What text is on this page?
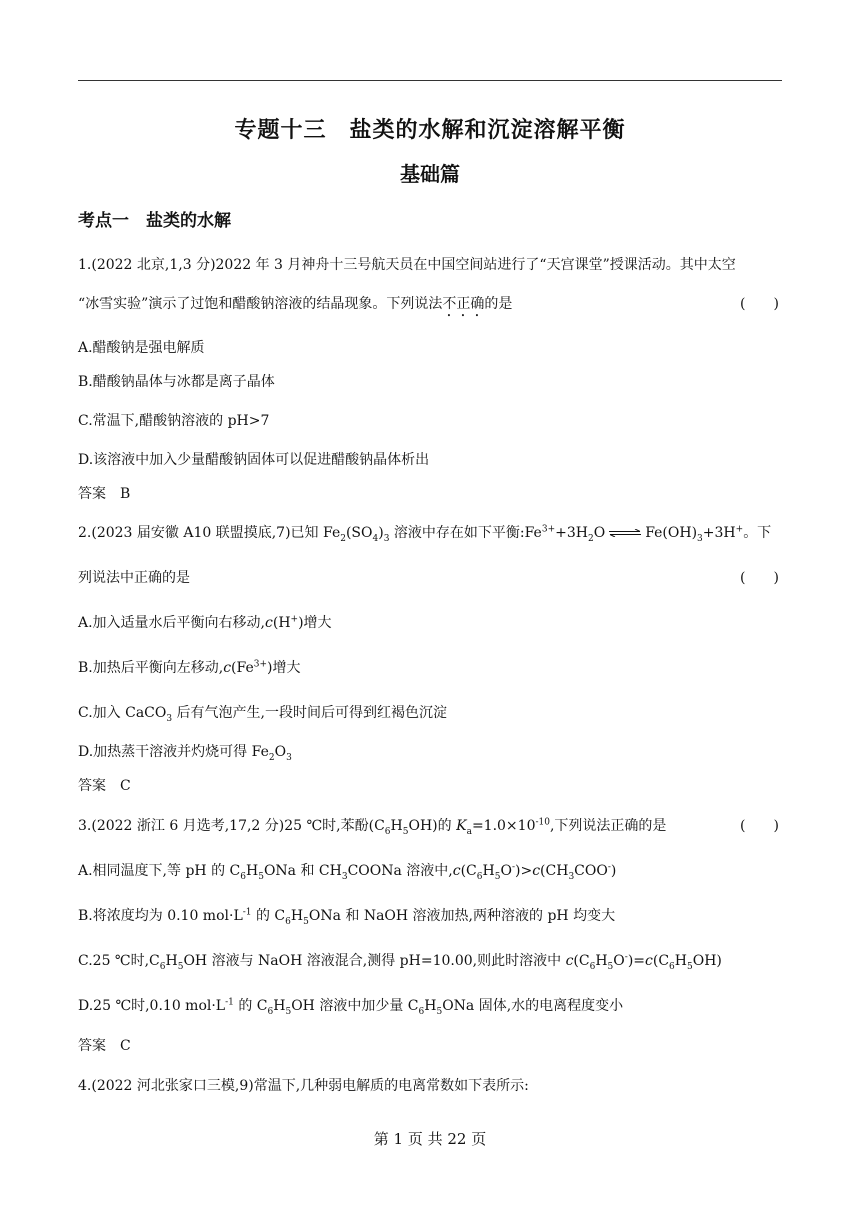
专题十三　盐类的水解和沉淀溶解平衡
基础篇
考点一　盐类的水解
1.(2022 北京,1,3 分)2022 年 3 月神舟十三号航天员在中国空间站进行了“天宫课堂”授课活动。其中太空
“冰雪实验”演示了过饱和醋酸钠溶液的结晶现象。下列说法不正确的是	(　　)
A.醋酸钠是强电解质
B.醋酸钠晶体与冰都是离子晶体
C.常温下,醋酸钠溶液的 pH>7
D.该溶液中加入少量醋酸钠固体可以促进醋酸钠晶体析出
答案　B
2.(2023 届安徽 A10 联盟摸底,7)已知 $Fe_2(SO_4)_3$ 溶液中存在如下平衡$:Fe^{3+}+3H_2O$ ⇌ $Fe(OH)_3+3H^+$。下
列说法中正确的是	(　　)
A.加入适量水后平衡向右移动,c(H+)增大
B.加热后平衡向左移动$,c(Fe^{3+})$增大
C.加入 CaCO$_3$ 后有气泡产生,一段时间后可得到红褐色沉淀
D.加热蒸干溶液并灼烧可得 $Fe_2O_3$
答案　C
3.(2022 浙江 6 月选考,17,2 分)25 ℃时,苯酚$(C_6H_5OH)$的 $K_a=1.0\times 10^{-10}$,下列说法正确的是	(　　)
A.相同温度下,等 pH 的 $C_6H_5ONa$ 和 $CH_3COONa$ 溶液中$,c(C_6H_5O^-)>c(CH_3COO^-)$
B.将浓度均为 0.10 $mol\cdot L^{-1}$ 的 $C_6H_5ONa$ 和 NaOH 溶液加热,两种溶液的 pH 均变大
C.25 ℃时$,C_6H_5OH$ 溶液与 NaOH 溶液混合,测得 pH=10.00,则此时溶液中 $c(C_6H_5O^-)=c(C_6H_5OH)$
D.25 ℃时,0.10 $mol\cdot L^{-1}$ 的 $C_6H_5OH$ 溶液中加少量 $C_6H_5ONa$ 固体,水的电离程度变小
答案　C
4.(2022 河北张家口三模,9)常温下,几种弱电解质的电离常数如下表所示:
第 1 页 共 22 页
